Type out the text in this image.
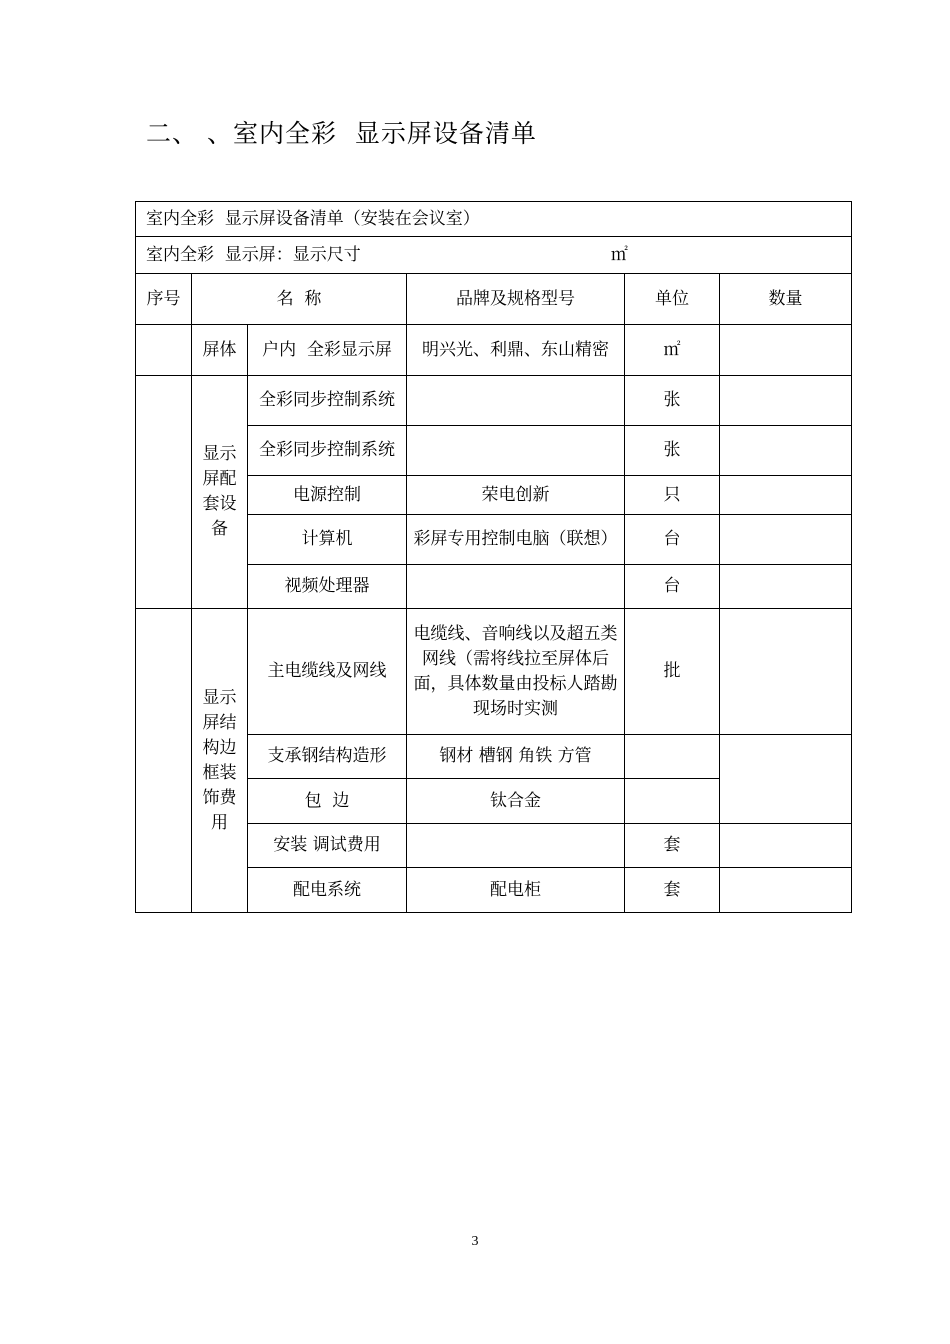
二、 、室内全彩  显示屏设备清单
室内全彩  显示屏设备清单（安装在会议室）					
室内全彩  显示屏：显示尺寸 ㎡					
序号	名  称		品牌及规格型号	单位	数量
	屏体	户内  全彩显示屏	明兴光、利鼎、东山精密	㎡	
	显示屏配套设备	全彩同步控制系统		张	
		全彩同步控制系统		张	
		电源控制	荣电创新	只	
		计算机	彩屏专用控制电脑（联想）	台	
		视频处理器		台	
	显示屏结构边框装饰费用	主电缆线及网线	电缆线、音响线以及超五类网线（需将线拉至屏体后面，具体数量由投标人踏勘现场时实测	批	
		支承钢结构造形	钢材 槽钢 角铁 方管		
		包  边	钛合金		
		安装 调试费用		套	
		配电系统	配电柜	套	
3
